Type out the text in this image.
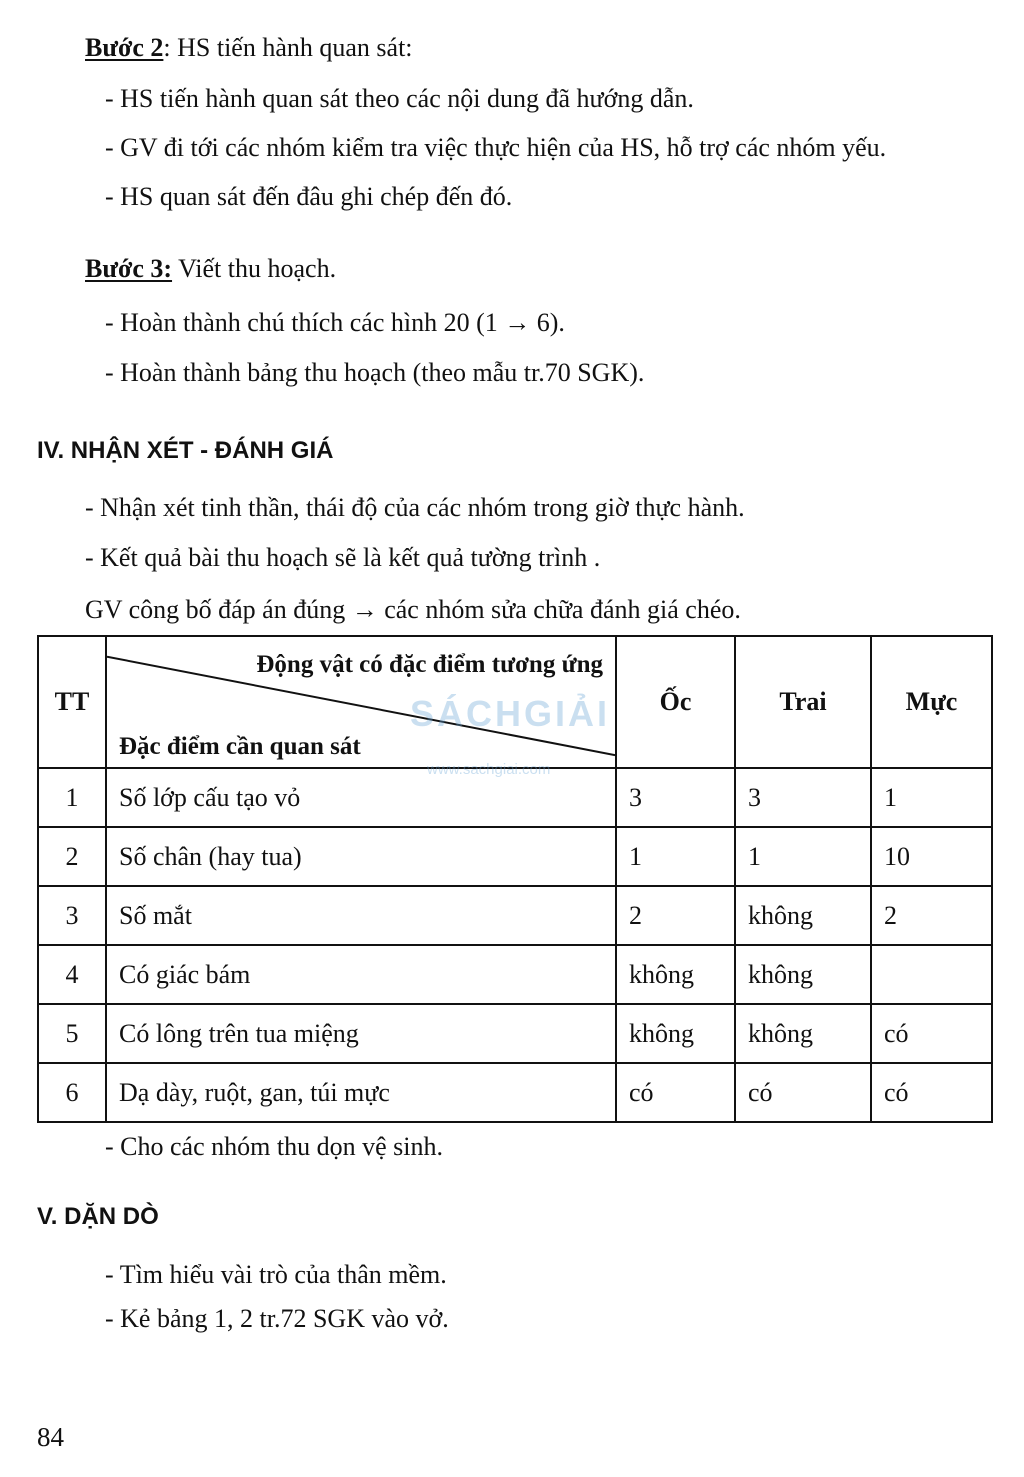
Bước 2: HS tiến hành quan sát:
- HS tiến hành quan sát theo các nội dung đã hướng dẫn.
- GV đi tới các nhóm kiểm tra việc thực hiện của HS, hỗ trợ các nhóm yếu.
- HS quan sát đến đâu ghi chép đến đó.
Bước 3: Viết thu hoạch.
- Hoàn thành chú thích các hình 20 (1 → 6).
- Hoàn thành bảng thu hoạch (theo mẫu tr.70 SGK).
IV. NHẬN XÉT - ĐÁNH GIÁ
- Nhận xét tinh thần, thái độ của các nhóm trong giờ thực hành.
- Kết quả bài thu hoạch sẽ là kết quả tường trình .
GV công bố đáp án đúng → các nhóm sửa chữa đánh giá chéo.
TT	Động vật có đặc điểm tương ứng
Đặc điểm cần quan sát	Ốc	Trai	Mực
1	Số lớp cấu tạo vỏ	3	3	1
2	Số chân (hay tua)	1	1	10
3	Số mắt	2	không	2
4	Có giác bám	không	không	
5	Có lông trên tua miệng	không	không	có
6	Dạ dày, ruột, gan, túi mực	có	có	có
SÁCHGIẢI
www.sachgiai.com
- Cho các nhóm thu dọn vệ sinh.
V. DẶN DÒ
- Tìm hiểu vài trò của thân mềm.
- Kẻ bảng 1, 2 tr.72 SGK vào vở.
84
